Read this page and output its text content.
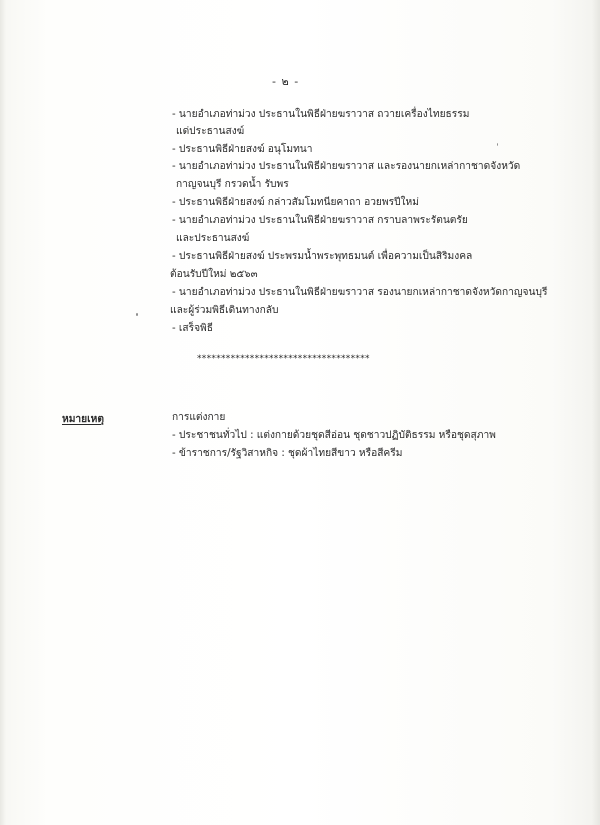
- ๒ -
- นายอำเภอท่าม่วง ประธานในพิธีฝ่ายฆราวาส ถวายเครื่องไทยธรรม
แด่ประธานสงฆ์
- ประธานพิธีฝ่ายสงฆ์ อนุโมทนา
- นายอำเภอท่าม่วง ประธานในพิธีฝ่ายฆราวาส และรองนายกเหล่ากาชาดจังหวัด
กาญจนบุรี กรวดน้ำ รับพร
- ประธานพิธีฝ่ายสงฆ์ กล่าวสัมโมทนียคาถา อวยพรปีใหม่
- นายอำเภอท่าม่วง ประธานในพิธีฝ่ายฆราวาส กราบลาพระรัตนตรัย
และประธานสงฆ์
- ประธานพิธีฝ่ายสงฆ์ ประพรมน้ำพระพุทธมนต์ เพื่อความเป็นสิริมงคล
ต้อนรับปีใหม่ ๒๕๖๓
- นายอำเภอท่าม่วง ประธานในพิธีฝ่ายฆราวาส รองนายกเหล่ากาชาดจังหวัดกาญจนบุรี
และผู้ร่วมพิธีเดินทางกลับ
- เสร็จพิธี
************************************
หมายเหตุ	การแต่งกาย
- ประชาชนทั่วไป : แต่งกายด้วยชุดสีอ่อน ชุดชาวปฏิบัติธรรม หรือชุดสุภาพ
- ข้าราชการ/รัฐวิสาหกิจ : ชุดผ้าไทยสีขาว หรือสีครีม
